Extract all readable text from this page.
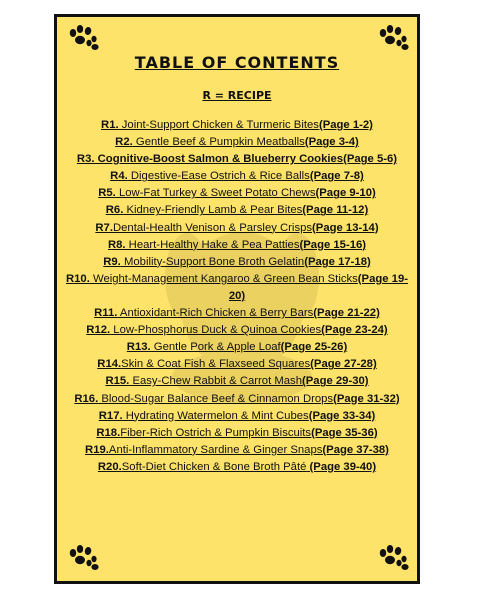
TABLE OF CONTENTS
R = RECIPE

R1. Joint-Support Chicken & Turmeric Bites(Page 1-2)

R2. Gentle Beef & Pumpkin Meatballs(Page 3-4)

R3. Cognitive-Boost Salmon & Blueberry Cookies(Page 5-6)

R4. Digestive-Ease Ostrich & Rice Balls(Page 7-8)

R5. Low-Fat Turkey & Sweet Potato Chews(Page 9-10)

R6. Kidney-Friendly Lamb & Pear Bites(Page 11-12)

R7.Dental-Health Venison & Parsley Crisps(Page 13-14)

R8. Heart-Healthy Hake & Pea Patties(Page 15-16)

R9. Mobility-Support Bone Broth Gelatin(Page 17-18)

R10. Weight-Management Kangaroo & Green Bean Sticks(Page 19-20)

R11. Antioxidant-Rich Chicken & Berry Bars(Page 21-22)

R12. Low-Phosphorus Duck & Quinoa Cookies(Page 23-24)

R13. Gentle Pork & Apple Loaf(Page 25-26)

R14.Skin & Coat Fish & Flaxseed Squares(Page 27-28)

R15. Easy-Chew Rabbit & Carrot Mash(Page 29-30)

R16. Blood-Sugar Balance Beef & Cinnamon Drops(Page 31-32)

R17. Hydrating Watermelon & Mint Cubes(Page 33-34)

R18.Fiber-Rich Ostrich & Pumpkin Biscuits(Page 35-36)

R19.Anti-Inflammatory Sardine & Ginger Snaps(Page 37-38)

R20.Soft-Diet Chicken & Bone Broth Pâté (Page 39-40)
